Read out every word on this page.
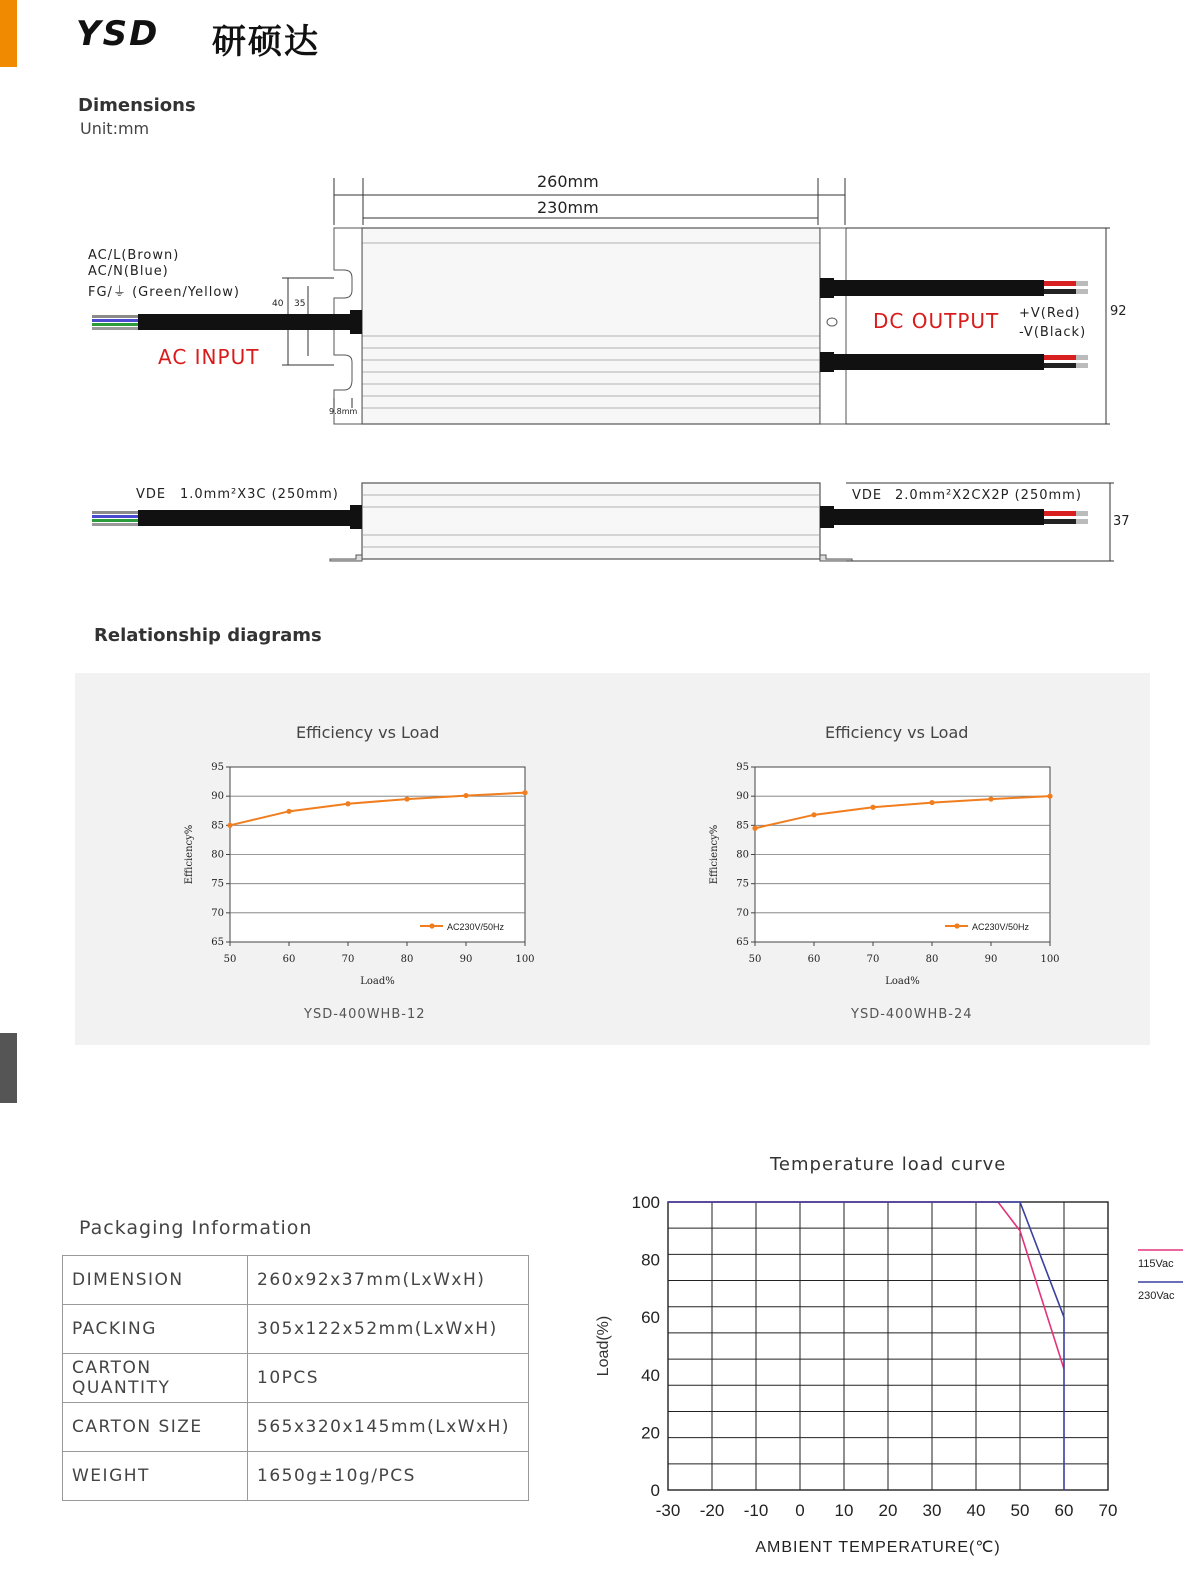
YSD 研硕达
Dimensions
Unit:mm
260mm
230mm
92
37
40 35
9.8mm
AC/L(Brown)
AC/N(Blue)
FG/⏚ (Green/Yellow)
AC INPUT
DC OUTPUT +V(Red)
-V(Black)
VDE 1.0mm²X3C (250mm)	VDE 2.0mm²X2CX2P (250mm)
Relationship diagrams
Efficiency vs Load	Efficiency vs Load
YSD-400WHB-12	YSD-400WHB-24
65
70
75
80
85
90
95
50	60	70	80	90	100
Load%
Efficiency%
AC230V/50Hz
65
70
75
80
85
90
95
50	60	70	80	90	100
Load%
Efficiency%
AC230V/50Hz
Temperature load curve
0
20
40
60
80
100
-30 -20 -10 0 10 20 30 40 50 60 70
AMBIENT TEMPERATURE(℃)
Load(%)
115Vac
230Vac
Packaging Information
DIMENSION	260x92x37mm(LxWxH)
PACKING	305x122x52mm(LxWxH)
CARTON QUANTITY	10PCS
CARTON SIZE	565x320x145mm(LxWxH)
WEIGHT	1650g±10g/PCS
